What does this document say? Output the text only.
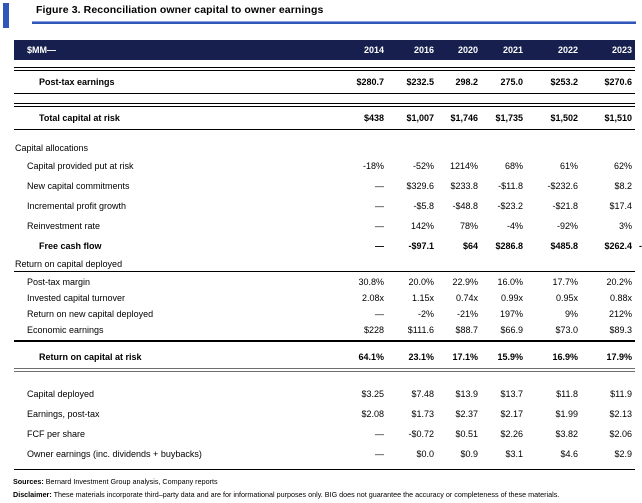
Figure 3. Reconciliation owner capital to owner earnings
$MM—	2014	2016	2020	2021	2022	2023
Post-tax earnings	$280.7	$232.5	298.2	275.0	$253.2	$270.6
Total capital at risk	$438	$1,007	$1,746	$1,735	$1,502	$1,510
Capital allocations
Capital provided put at risk	-18%	-52%	1214%	68%	61%	62%
New capital commitments	—	$329.6	$233.8	-$11.8	-$232.6	$8.2
Incremental profit growth	—	-$5.8	-$48.8	-$23.2	-$21.8	$17.4
Reinvestment rate	—	142%	78%	-4%	-92%	3%
Free cash flow	—	-$97.1	$64	$286.8	$485.8	$262.4 -
Return on capital deployed
Post-tax margin	30.8%	20.0%	22.9%	16.0%	17.7%	20.2%
Invested capital turnover	2.08x	1.15x	0.74x	0.99x	0.95x	0.88x
Return on new capital deployed	—	-2%	-21%	197%	9%	212%
Economic earnings	$228	$111.6	$88.7	$66.9	$73.0	$89.3
Return on capital at risk	64.1%	23.1%	17.1%	15.9%	16.9%	17.9%
Capital deployed	$3.25	$7.48	$13.9	$13.7	$11.8	$11.9
Earnings, post-tax	$2.08	$1.73	$2.37	$2.17	$1.99	$2.13
FCF per share	—	-$0.72	$0.51	$2.26	$3.82	$2.06
Owner earnings (inc. dividends + buybacks)	—	$0.0	$0.9	$3.1	$4.6	$2.9
Sources: Bernard Investment Group analysis, Company reports
Disclaimer: These materials incorporate third–party data and are for informational purposes only. BIG does not guarantee the accuracy or completeness of these materials.
